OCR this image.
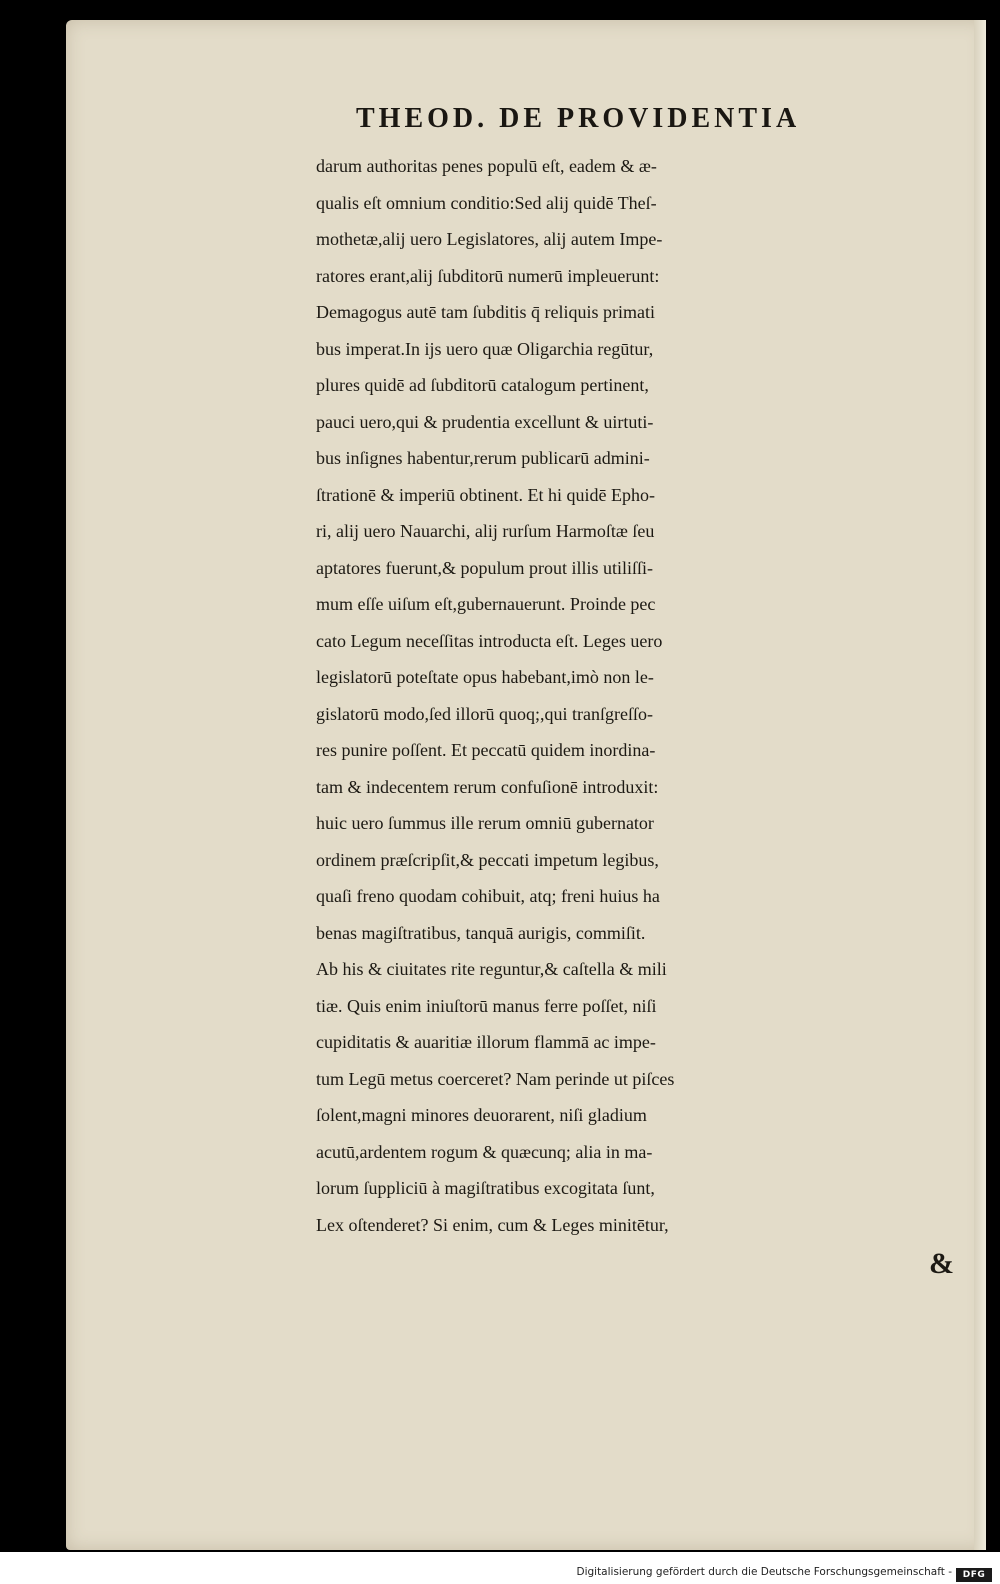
THEOD. DE PROVIDENTIA
darum authoritas penes populū eſt, eadem & æ-
qualis eſt omnium conditio:Sed alij quidē Theſ-
mothetæ,alij uero Legislatores, alij autem Impe-
ratores erant,alij ſubditorū numerū impleuerunt:
Demagogus autē tam ſubditis q̄ reliquis primati
bus imperat.In ijs uero quæ Oligarchia regūtur,
plures quidē ad ſubditorū catalogum pertinent,
pauci uero,qui & prudentia excellunt & uirtuti-
bus inſignes habentur,rerum publicarū admini-
ſtrationē & imperiū obtinent. Et hi quidē Epho-
ri, alij uero Nauarchi, alij rurſum Harmoſtæ ſeu
aptatores fuerunt,& populum prout illis utiliſſi-
mum eſſe uiſum eſt,gubernauerunt. Proinde pec
cato Legum neceſſitas introducta eſt. Leges uero
legislatorū poteſtate opus habebant,imò non le-
gislatorū modo,ſed illorū quoq;,qui tranſgreſſo-
res punire poſſent. Et peccatū quidem inordina-
tam & indecentem rerum confuſionē introduxit:
huic uero ſummus ille rerum omniū gubernator
ordinem præſcripſit,& peccati impetum legibus,
quaſi freno quodam cohibuit, atq; freni huius ha
benas magiſtratibus, tanquā aurigis, commiſit.
Ab his & ciuitates rite reguntur,& caſtella & mili
tiæ. Quis enim iniuſtorū manus ferre poſſet, niſi
cupiditatis & auaritiæ illorum flammā ac impe-
tum Legū metus coerceret? Nam perinde ut piſces
ſolent,magni minores deuorarent, niſi gladium
acutū,ardentem rogum & quæcunq; alia in ma-
lorum ſuppliciū à magiſtratibus excogitata ſunt,
Lex oſtenderet? Si enim, cum & Leges minitētur,
&
Digitalisierung gefördert durch die Deutsche Forschungsgemeinschaft -	DFG
